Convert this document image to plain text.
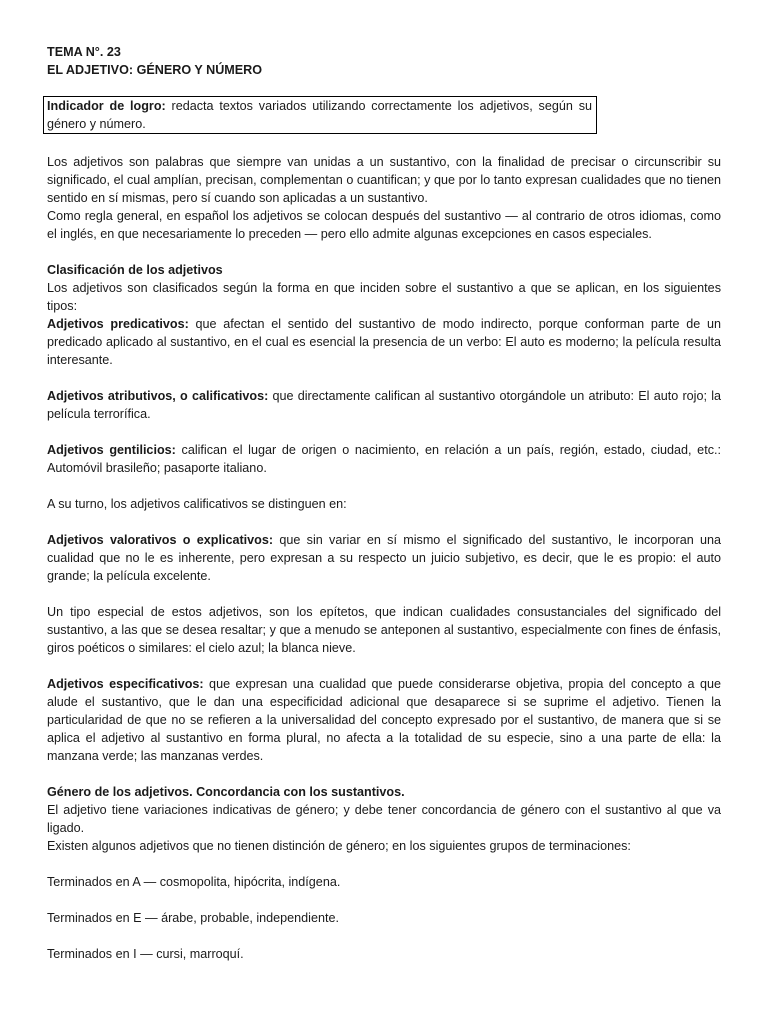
TEMA N°. 23

EL ADJETIVO: GÉNERO Y NÚMERO

Indicador de logro: redacta textos variados utilizando correctamente los adjetivos, según su género y número.

Los adjetivos son palabras que siempre van unidas a un sustantivo, con la finalidad de precisar o circunscribir su significado, el cual amplían, precisan, complementan o cuantifican; y que por lo tanto expresan cualidades que no tienen sentido en sí mismas, pero sí cuando son aplicadas a un sustantivo.

Como regla general, en español los adjetivos se colocan después del sustantivo — al contrario de otros idiomas, como el inglés, en que necesariamente lo preceden — pero ello admite algunas excepciones en casos especiales.

Clasificación de los adjetivos

Los adjetivos son clasificados según la forma en que inciden sobre el sustantivo a que se aplican, en los siguientes tipos:

Adjetivos predicativos: que afectan el sentido del sustantivo de modo indirecto, porque conforman parte de un predicado aplicado al sustantivo, en el cual es esencial la presencia de un verbo: El auto es moderno; la película resulta interesante.

Adjetivos atributivos, o calificativos: que directamente califican al sustantivo otorgándole un atributo: El auto rojo; la película terrorífica.

Adjetivos gentilicios: califican el lugar de origen o nacimiento, en relación a un país, región, estado, ciudad, etc.: Automóvil brasileño; pasaporte italiano.

A su turno, los adjetivos calificativos se distinguen en:

Adjetivos valorativos o explicativos: que sin variar en sí mismo el significado del sustantivo, le incorporan una cualidad que no le es inherente, pero expresan a su respecto un juicio subjetivo, es decir, que le es propio: el auto grande; la película excelente.

Un tipo especial de estos adjetivos, son los epítetos, que indican cualidades consustanciales del significado del sustantivo, a las que se desea resaltar; y que a menudo se anteponen al sustantivo, especialmente con fines de énfasis, giros poéticos o similares: el cielo azul; la blanca nieve.

Adjetivos especificativos: que expresan una cualidad que puede considerarse objetiva, propia del concepto a que alude el sustantivo, que le dan una especificidad adicional que desaparece si se suprime el adjetivo. Tienen la particularidad de que no se refieren a la universalidad del concepto expresado por el sustantivo, de manera que si se aplica el adjetivo al sustantivo en forma plural, no afecta a la totalidad de su especie, sino a una parte de ella: la manzana verde; las manzanas verdes.

Género de los adjetivos. Concordancia con los sustantivos.

El adjetivo tiene variaciones indicativas de género; y debe tener concordancia de género con el sustantivo al que va ligado.

Existen algunos adjetivos que no tienen distinción de género; en los siguientes grupos de terminaciones:

Terminados en A — cosmopolita, hipócrita, indígena.

Terminados en E — árabe, probable, independiente.

Terminados en I — cursi, marroquí.
